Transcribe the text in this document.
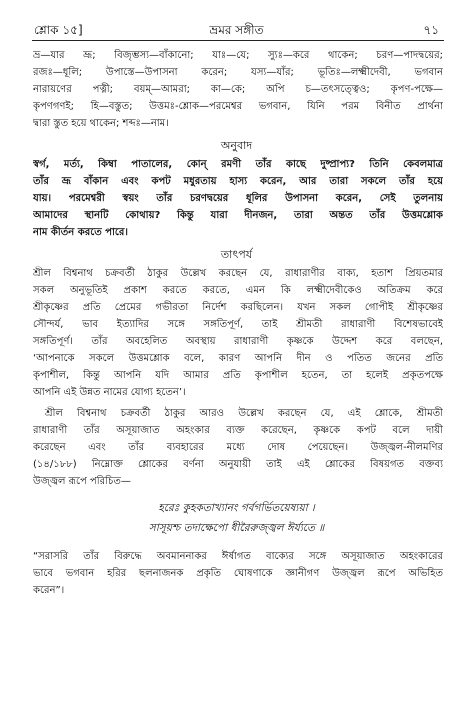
শ্লোক ১৫]	ভ্রমর সঙ্গীত	৭১
ভ্র—যার ভ্রূ; বিজৃম্ভস্য—বাঁকানো; যাঃ—যে; স্যুঃ—করে থাকেন; চরণ—পাদদ্বয়ের;
রজঃ—ধূলি; উপাস্তে—উপাসনা করেন; যস্য—যাঁর; ভূতিঃ—লক্ষ্মীদেবী, ভগবান
নারায়ণের পত্নী; বয়ম্—আমরা; কা—কে; অপি চ—তৎসত্ত্বেও; কৃপণ-পক্ষে—
কৃপণগণই; হি—বস্তুত; উত্তমঃ-শ্লোক—পরমেশ্বর ভগবান, যিনি পরম বিনীত প্রার্থনা
দ্বারা স্তুত হয়ে থাকেন; শব্দঃ—নাম।
অনুবাদ
স্বর্গ, মর্ত্য, কিম্বা পাতালের, কোন্ রমণী তাঁর কাছে দুষ্প্রাপ্য? তিনি কেবলমাত্র
তাঁর ভ্রূ বাঁকান এবং কপট মধুরতায় হাস্য করেন, আর তারা সকলে তাঁর হয়ে
যায়। পরমেশ্বরী স্বয়ং তাঁর চরণদ্বয়ের ধূলির উপাসনা করেন, সেই তুলনায়
আমাদের স্থানটি কোথায়? কিন্তু যারা দীনজন, তারা অন্তত তাঁর উত্তমশ্লোক
নাম কীর্তন করতে পারে।
তাৎপর্য
শ্রীল বিশ্বনাথ চক্রবর্তী ঠাকুর উল্লেখ করছেন যে, রাধারাণীর বাক্য, হতাশ প্রিয়তমার
সকল অনুভূতিই প্রকাশ করতে করতে, এমন কি লক্ষ্মীদেবীকেও অতিক্রম করে
শ্রীকৃষ্ণের প্রতি প্রেমের গভীরতা নির্দেশ করছিলেন। যখন সকল গোপীই শ্রীকৃষ্ণের
সৌন্দর্য, ভাব ইত্যাদির সঙ্গে সঙ্গতিপূর্ণ, তাই শ্রীমতী রাধারাণী বিশেষভাবেই
সঙ্গতিপূর্ণ। তাঁর অবহেলিত অবস্থায় রাধারাণী কৃষ্ণকে উদ্দেশ করে বলছেন,
‘আপনাকে সকলে উত্তমশ্লোক বলে, কারণ আপনি দীন ও পতিত জনের প্রতি
কৃপাশীল, কিন্তু আপনি যদি আমার প্রতি কৃপাশীল হতেন, তা হলেই প্রকৃতপক্ষে
আপনি এই উন্নত নামের যোগ্য হতেন’।
শ্রীল বিশ্বনাথ চক্রবর্তী ঠাকুর আরও উল্লেখ করছেন যে, এই শ্লোকে, শ্রীমতী
রাধারাণী তাঁর অসূয়াজাত অহংকার ব্যক্ত করেছেন, কৃষ্ণকে কপট বলে দায়ী
করেছেন এবং তাঁর ব্যবহারের মধ্যে দোষ পেয়েছেন। উজ্জ্বল-নীলমণির
(১৪/১৮৮) নিম্নোক্ত শ্লোকের বর্ণনা অনুযায়ী তাই এই শ্লোকের বিষয়গত বক্তব্য
উজ্জ্বল রূপে পরিচিত—
হরেঃ কুহকতাখ্যানং গর্বগর্ভিতয়েষ্যয়া ।
সাসূয়শ্চ তদাক্ষেপো ধীরৈরুজ্জ্বল ঈর্য্যতে ॥
“সরাসরি তাঁর বিরুদ্ধে অবমাননাকর ঈর্ষাগত বাক্যের সঙ্গে অসূয়াজাত অহংকারের
ভাবে ভগবান হরির ছলনাজনক প্রকৃতি ঘোষণাকে জ্ঞানীগণ উজ্জ্বল রূপে অভিহিত
করেন”।
